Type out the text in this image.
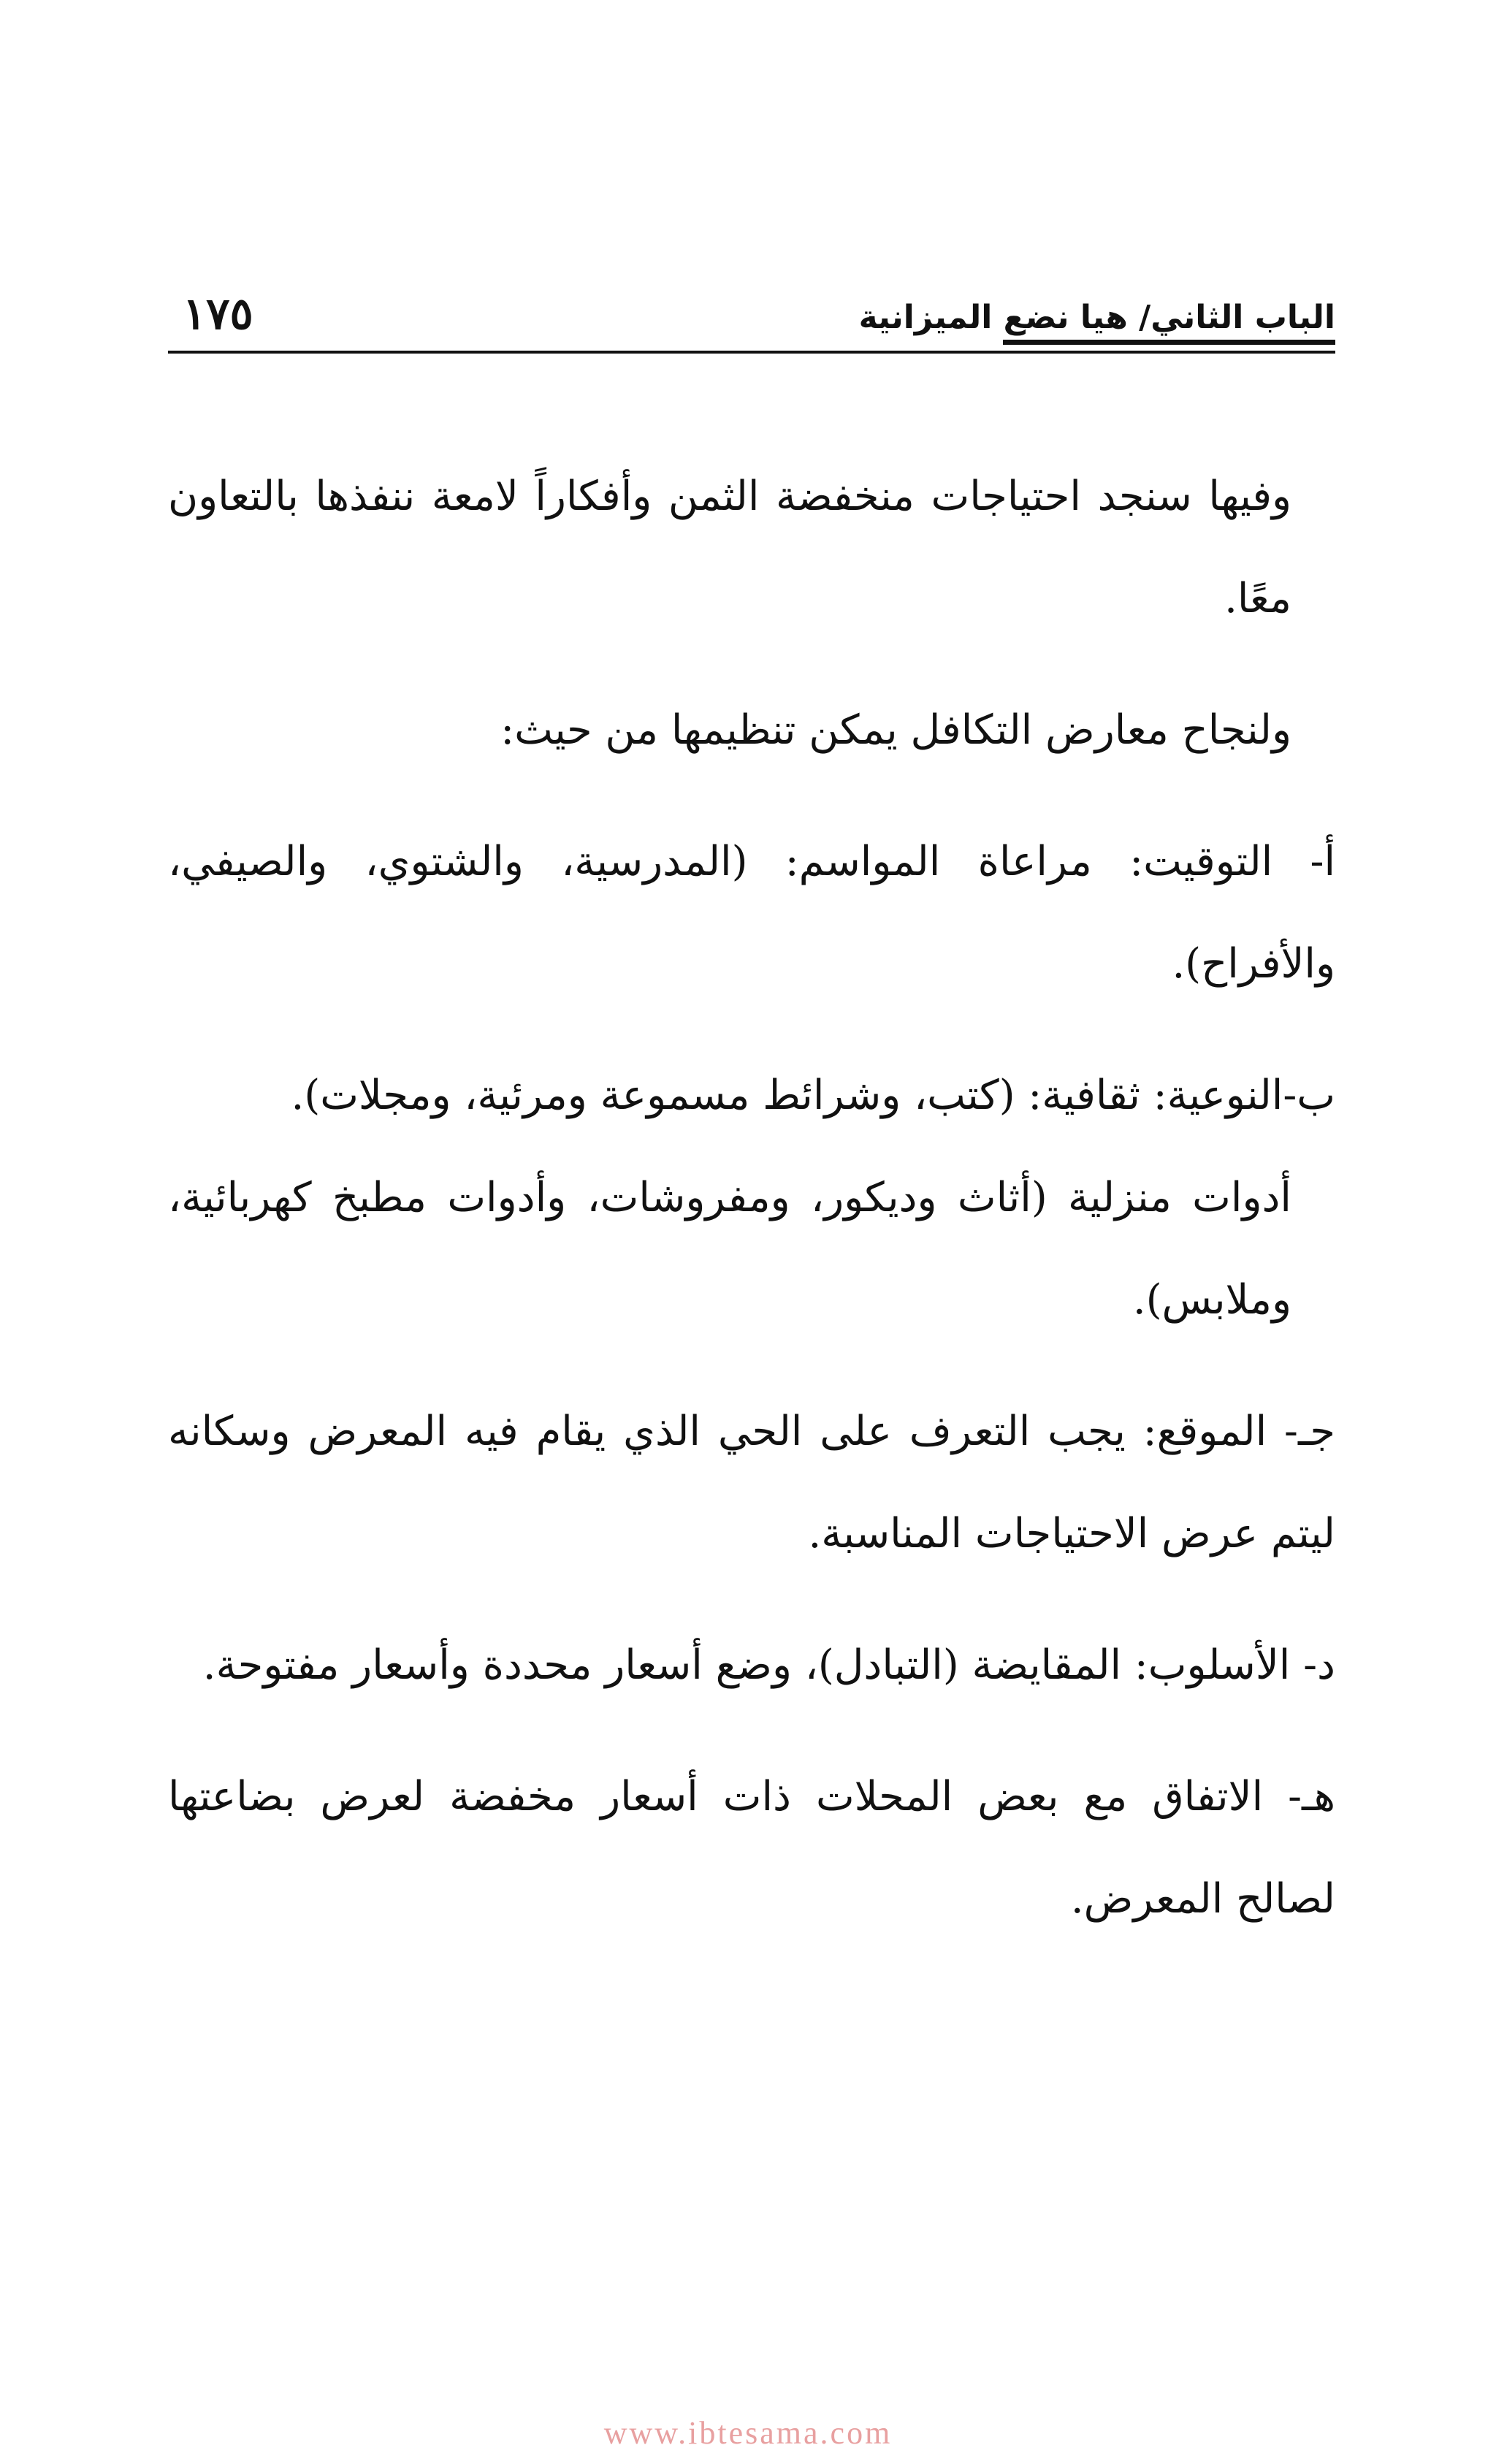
الباب الثاني/ هيا نضع الميزانية
١٧٥

وفيها سنجد احتياجات منخفضة الثمن وأفكاراً لامعة ننفذها بالتعاون معًا.

ولنجاح معارض التكافل يمكن تنظيمها من حيث:

أ- التوقيت: مراعاة المواسم: (المدرسية، والشتوي، والصيفي، والأفراح).

ب-النوعية: ثقافية: (كتب، وشرائط مسموعة ومرئية، ومجلات).

أدوات منزلية (أثاث وديكور، ومفروشات، وأدوات مطبخ كهربائية، وملابس).

جـ- الموقع: يجب التعرف على الحي الذي يقام فيه المعرض وسكانه ليتم عرض الاحتياجات المناسبة.

د- الأسلوب: المقايضة (التبادل)، وضع أسعار محددة وأسعار مفتوحة.

هـ- الاتفاق مع بعض المحلات ذات أسعار مخفضة لعرض بضاعتها لصالح المعرض.

www.ibtesama.com
